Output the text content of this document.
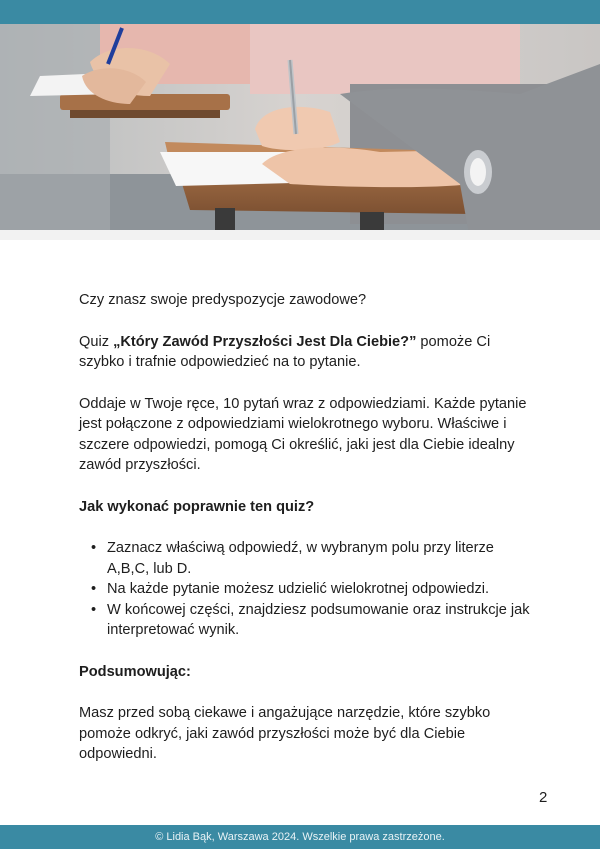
Czy znasz swoje predyspozycje zawodowe?

Quiz „Który Zawód Przyszłości Jest Dla Ciebie?” pomoże Ci szybko i trafnie odpowiedzieć na to pytanie.

Oddaje w Twoje ręce, 10 pytań wraz z odpowiedziami. Każde pytanie jest połączone z odpowiedziami wielokrotnego wyboru. Właściwe i szczere odpowiedzi, pomogą Ci określić, jaki jest dla Ciebie idealny zawód przyszłości.

Jak wykonać poprawnie ten quiz?

• Zaznacz właściwą odpowiedź, w wybranym polu przy literze A,B,C, lub D.
• Na każde pytanie możesz udzielić wielokrotnej odpowiedzi.
• W końcowej części, znajdziesz podsumowanie oraz instrukcje jak interpretować wynik.

Podsumowując:

Masz przed sobą ciekawe i angażujące narzędzie, które szybko pomoże odkryć, jaki zawód przyszłości może być dla Ciebie odpowiedni.

2
© Lidia Bąk, Warszawa 2024. Wszelkie prawa zastrzeżone.
